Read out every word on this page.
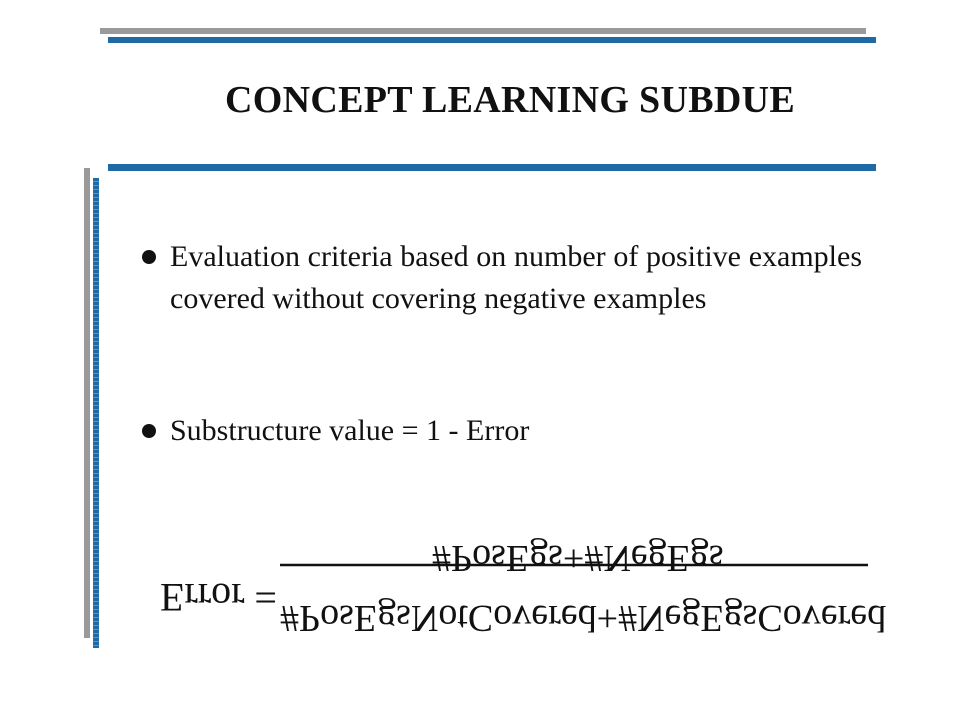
CONCEPT LEARNING SUBDUE
Evaluation criteria based on number of positive examples covered without covering negative examples
Substructure value = 1 - Error
Error =
#PosEgs+#NegEgs
#PosEgsNotCovered+#NegEgsCovered
